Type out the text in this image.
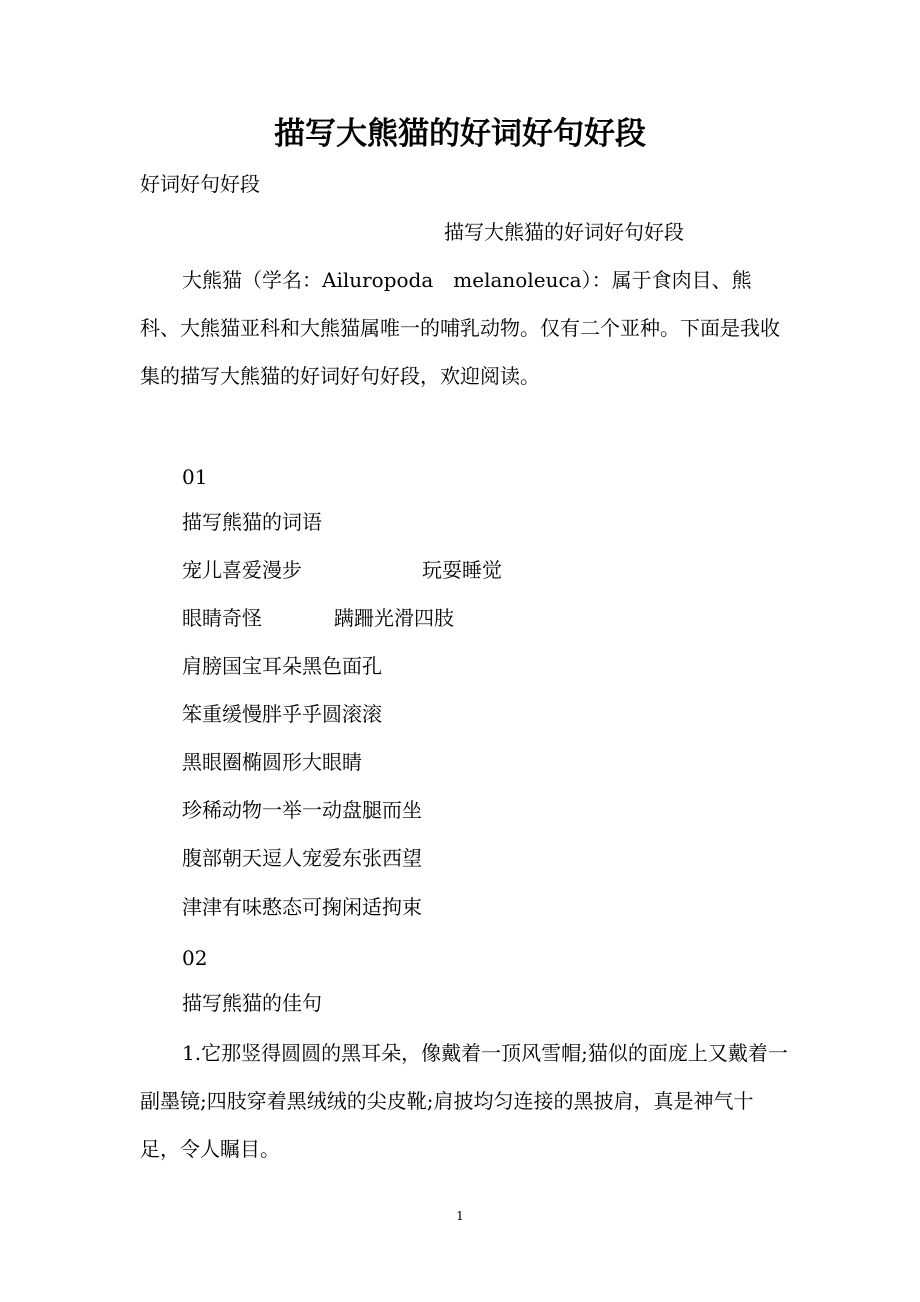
描写大熊猫的好词好句好段
好词好句好段
描写大熊猫的好词好句好段

大熊猫（学名：Ailuropoda　melanoleuca）：属于食肉目、熊科、大熊猫亚科和大熊猫属唯一的哺乳动物。仅有二个亚种。下面是我收集的描写大熊猫的好词好句好段，欢迎阅读。

01
描写熊猫的词语
宠儿喜爱漫步	玩耍睡觉
眼睛奇怪	蹒跚光滑四肢
肩膀国宝耳朵黑色面孔
笨重缓慢胖乎乎圆滚滚
黑眼圈椭圆形大眼睛
珍稀动物一举一动盘腿而坐
腹部朝天逗人宠爱东张西望
津津有味憨态可掬闲适拘束
02
描写熊猫的佳句

1.它那竖得圆圆的黑耳朵，像戴着一顶风雪帽;猫似的面庞上又戴着一副墨镜;四肢穿着黑绒绒的尖皮靴;肩披均匀连接的黑披肩，真是神气十足，令人瞩目。

1
